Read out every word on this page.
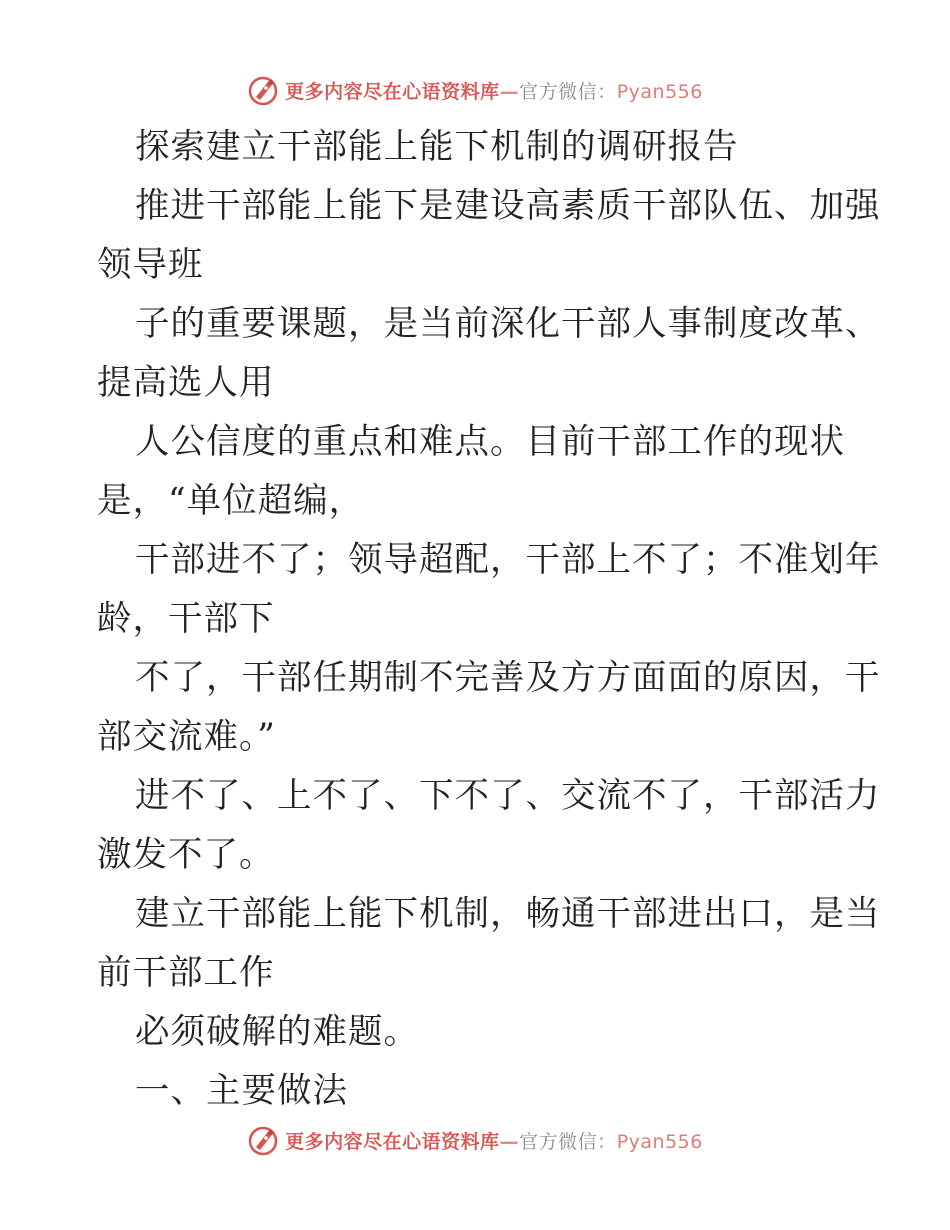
更多内容尽在心语资料库—官方微信：Pyan556
探索建立干部能上能下机制的调研报告
推进干部能上能下是建设高素质干部队伍、加强
领导班
子的重要课题，是当前深化干部人事制度改革、
提高选人用
人公信度的重点和难点。目前干部工作的现状
是，“单位超编，
干部进不了；领导超配，干部上不了；不准划年
龄，干部下
不了，干部任期制不完善及方方面面的原因，干
部交流难。”
进不了、上不了、下不了、交流不了，干部活力
激发不了。
建立干部能上能下机制，畅通干部进出口，是当
前干部工作
必须破解的难题。
一、主要做法
更多内容尽在心语资料库—官方微信：Pyan556
